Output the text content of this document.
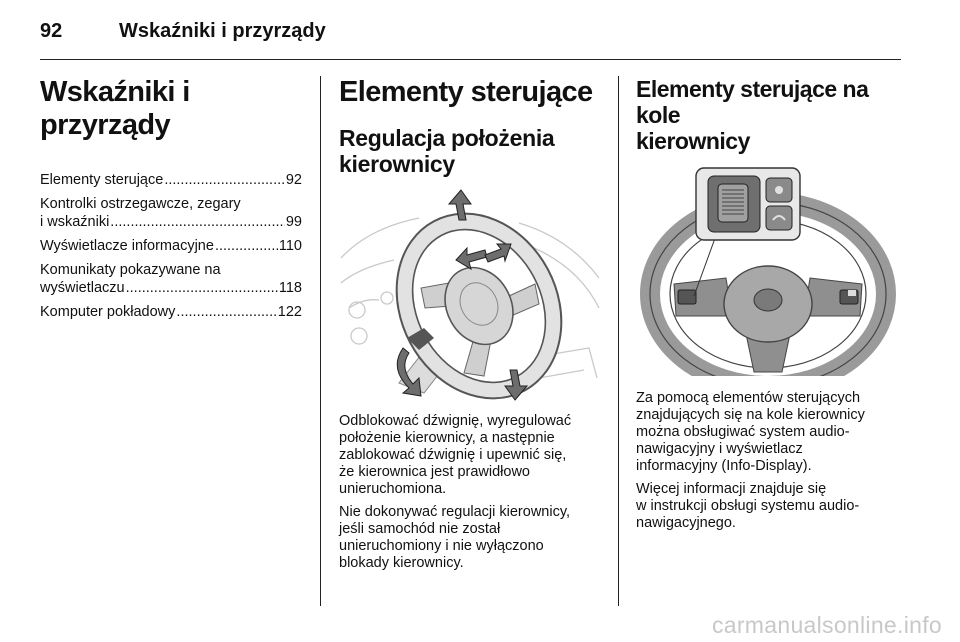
92	Wskaźniki i przyrządy
Wskaźniki i przyrządy
Elementy sterujące .....	92
Kontrolki ostrzegawcze, zegary
i wskaźniki .....	99
Wyświetlacze informacyjne .....	110
Komunikaty pokazywane na
wyświetlaczu .....	118
Komputer pokładowy .....	122
Elementy sterujące
Regulacja położenia
kierownicy

Odblokować dźwignię, wyregulować
położenie kierownicy, a następnie
zablokować dźwignię i upewnić się,
że kierownica jest prawidłowo
unieruchomiona.

Nie dokonywać regulacji kierownicy,
jeśli samochód nie został
unieruchomiony i nie wyłączono
blokady kierownicy.

Elementy sterujące na kole
kierownicy

Za pomocą elementów sterujących
znajdujących się na kole kierownicy
można obsługiwać system audio-
nawigacyjny i wyświetlacz
informacyjny (Info-Display).

Więcej informacji znajduje się
w instrukcji obsługi systemu audio-
nawigacyjnego.

carmanualsonline.info
